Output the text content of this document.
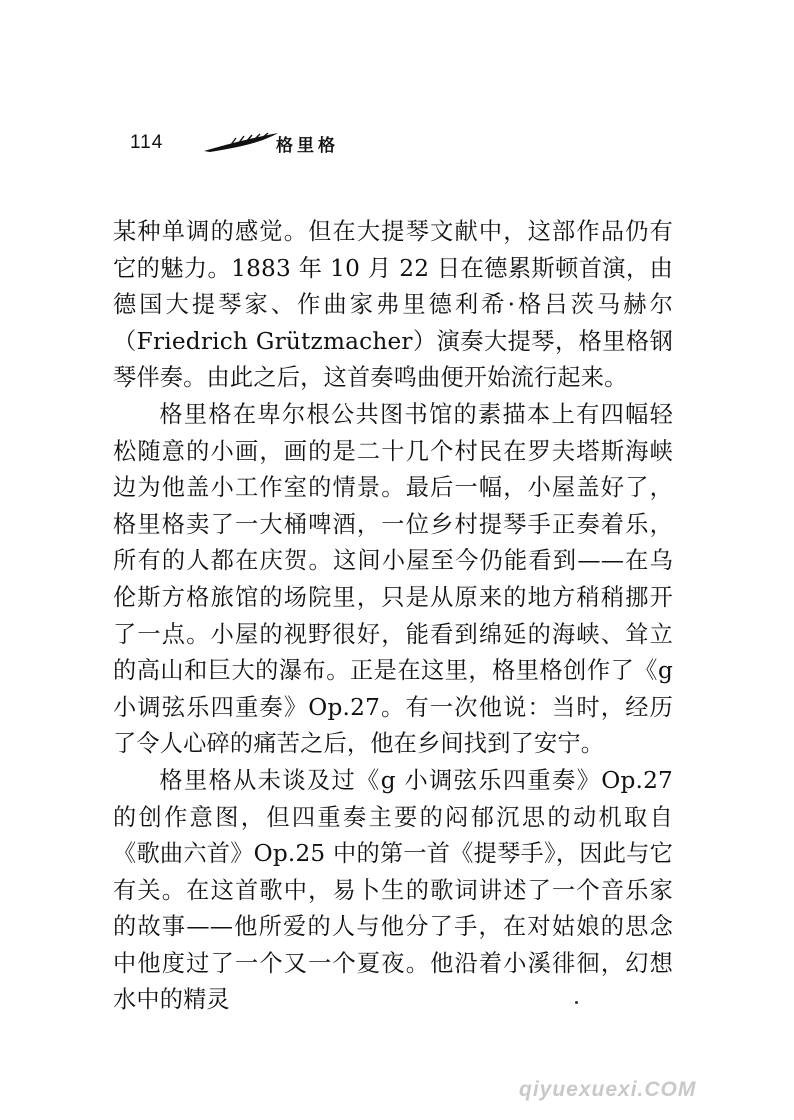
114	格里格

某种单调的感觉。但在大提琴文献中，这部作品仍有它的魅力。1883 年 10 月 22 日在德累斯顿首演，由德国大提琴家、作曲家弗里德利希·格吕茨马赫尔（Friedrich Grützmacher）演奏大提琴，格里格钢琴伴奏。由此之后，这首奏鸣曲便开始流行起来。

格里格在卑尔根公共图书馆的素描本上有四幅轻松随意的小画，画的是二十几个村民在罗夫塔斯海峡边为他盖小工作室的情景。最后一幅，小屋盖好了，格里格卖了一大桶啤酒，一位乡村提琴手正奏着乐，所有的人都在庆贺。这间小屋至今仍能看到——在乌伦斯方格旅馆的场院里，只是从原来的地方稍稍挪开了一点。小屋的视野很好，能看到绵延的海峡、耸立的高山和巨大的瀑布。正是在这里，格里格创作了《g 小调弦乐四重奏》Op.27。有一次他说：当时，经历了令人心碎的痛苦之后，他在乡间找到了安宁。

格里格从未谈及过《g 小调弦乐四重奏》Op.27 的创作意图，但四重奏主要的闷郁沉思的动机取自《歌曲六首》Op.25 中的第一首《提琴手》，因此与它有关。在这首歌中，易卜生的歌词讲述了一个音乐家的故事——他所爱的人与他分了手，在对姑娘的思念中他度过了一个又一个夏夜。他沿着小溪徘徊，幻想水中的精灵

qiyuexuexi.COM
